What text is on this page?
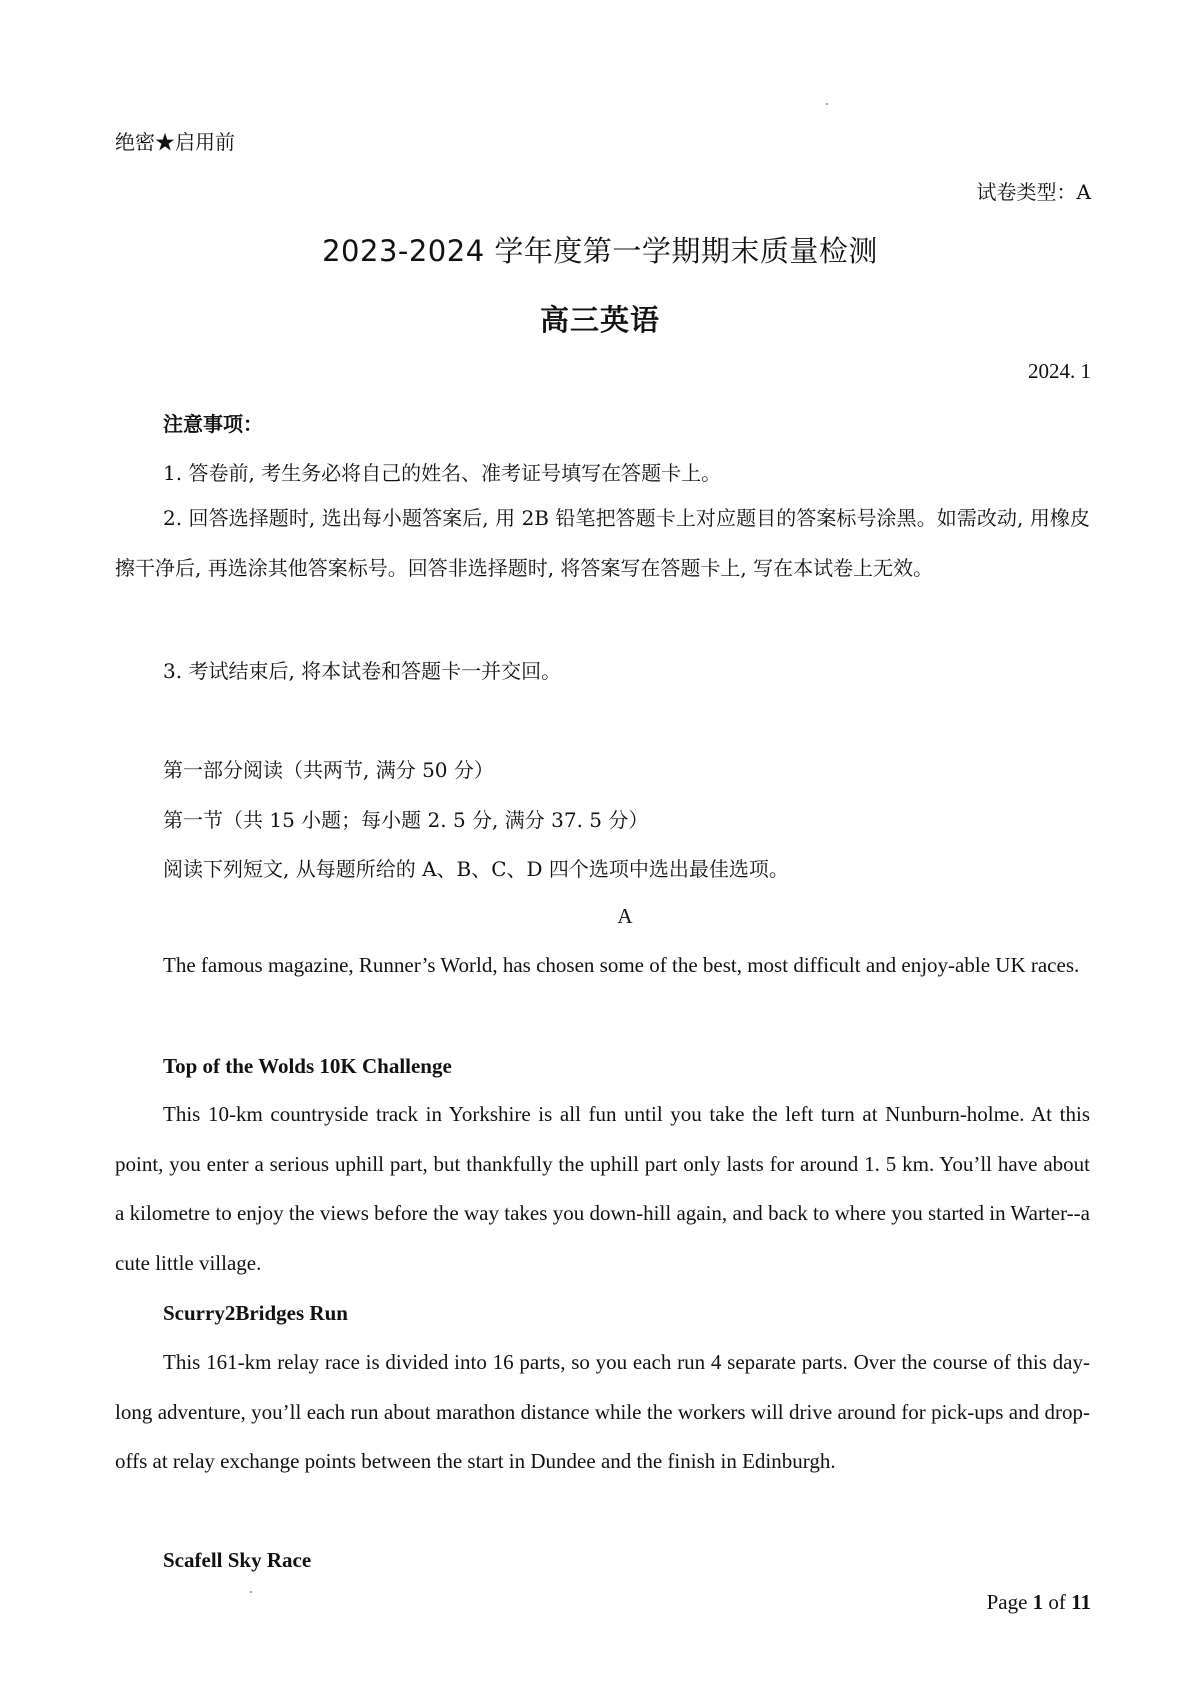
绝密★启用前
试卷类型：A
2023-2024 学年度第一学期期末质量检测
高三英语
2024. 1
注意事项：
1. 答卷前, 考生务必将自己的姓名、准考证号填写在答题卡上。
2. 回答选择题时, 选出每小题答案后, 用 2B 铅笔把答题卡上对应题目的答案标号涂黑。如需改动, 用橡皮擦干净后, 再选涂其他答案标号。回答非选择题时, 将答案写在答题卡上, 写在本试卷上无效。
3. 考试结束后, 将本试卷和答题卡一并交回。
第一部分阅读（共两节, 满分 50 分）
第一节（共 15 小题；每小题 2. 5 分, 满分 37. 5 分）
阅读下列短文, 从每题所给的 A、B、C、D 四个选项中选出最佳选项。
A
The famous magazine, Runner’s World, has chosen some of the best, most difficult and enjoy-able UK races.
Top of the Wolds 10K Challenge
This 10-km countryside track in Yorkshire is all fun until you take the left turn at Nunburn-holme. At this point, you enter a serious uphill part, but thankfully the uphill part only lasts for around 1. 5 km. You’ll have about a kilometre to enjoy the views before the way takes you down-hill again, and back to where you started in Warter--a cute little village.
Scurry2Bridges Run
This 161-km relay race is divided into 16 parts, so you each run 4 separate parts. Over the course of this day-long adventure, you’ll each run about marathon distance while the workers will drive around for pick-ups and drop-offs at relay exchange points between the start in Dundee and the finish in Edinburgh.
Scafell Sky Race
Page 1 of 11
